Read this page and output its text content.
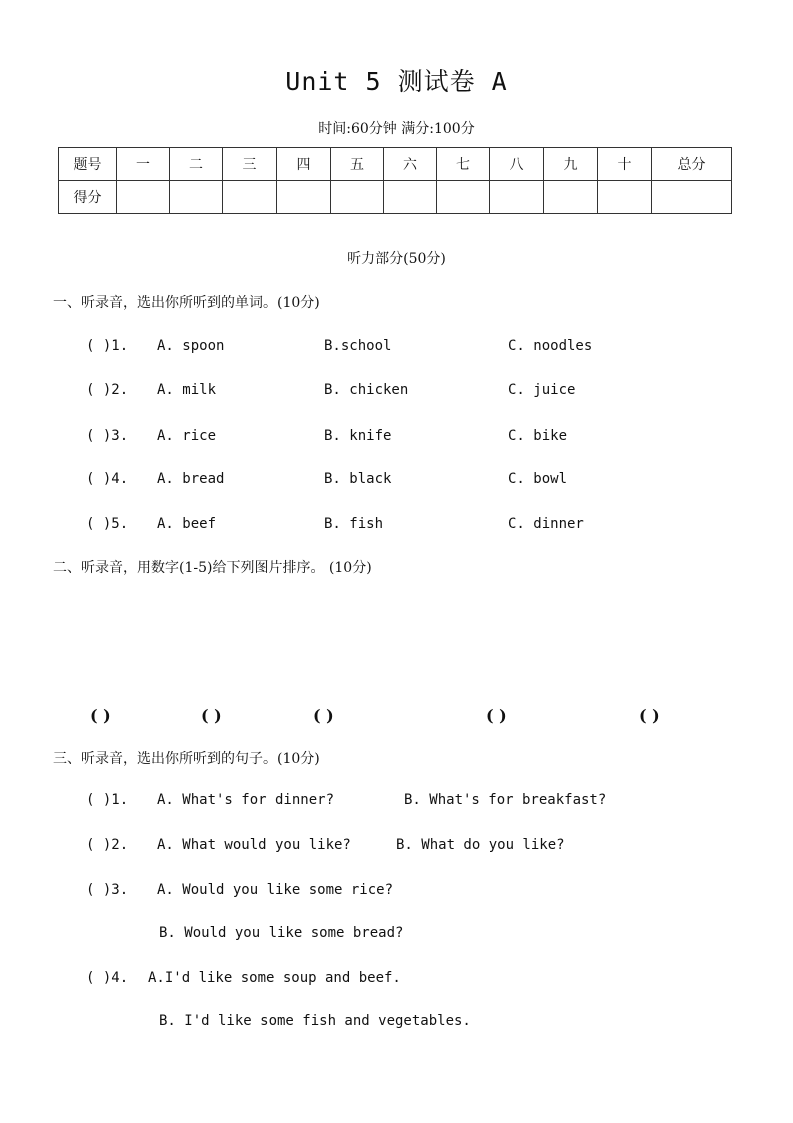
Unit 5 测试卷 A
时间:60分钟 满分:100分
题号	一	二	三	四	五	六	七	八	九	十	总分
得分											
听力部分(50分)
一、听录音，选出你所听到的单词。(10分)
( )1. A. spoon	B.school	C. noodles
( )2. A. milk	B. chicken	C. juice
( )3. A. rice	B. knife	C. bike
( )4. A. bread	B. black	C. bowl
( )5. A. beef	B. fish	C. dinner
二、听录音，用数字(1-5)给下列图片排序。 (10分)
( )	( )	( )	( )	( )
三、听录音，选出你所听到的句子。(10分)
( )1. A. What's for dinner?	B. What's for breakfast?
( )2. A. What would you like?	B. What do you like?
( )3. A. Would you like some rice?
B. Would you like some bread?
( )4. A.I'd like some soup and beef.
B. I'd like some fish and vegetables.
